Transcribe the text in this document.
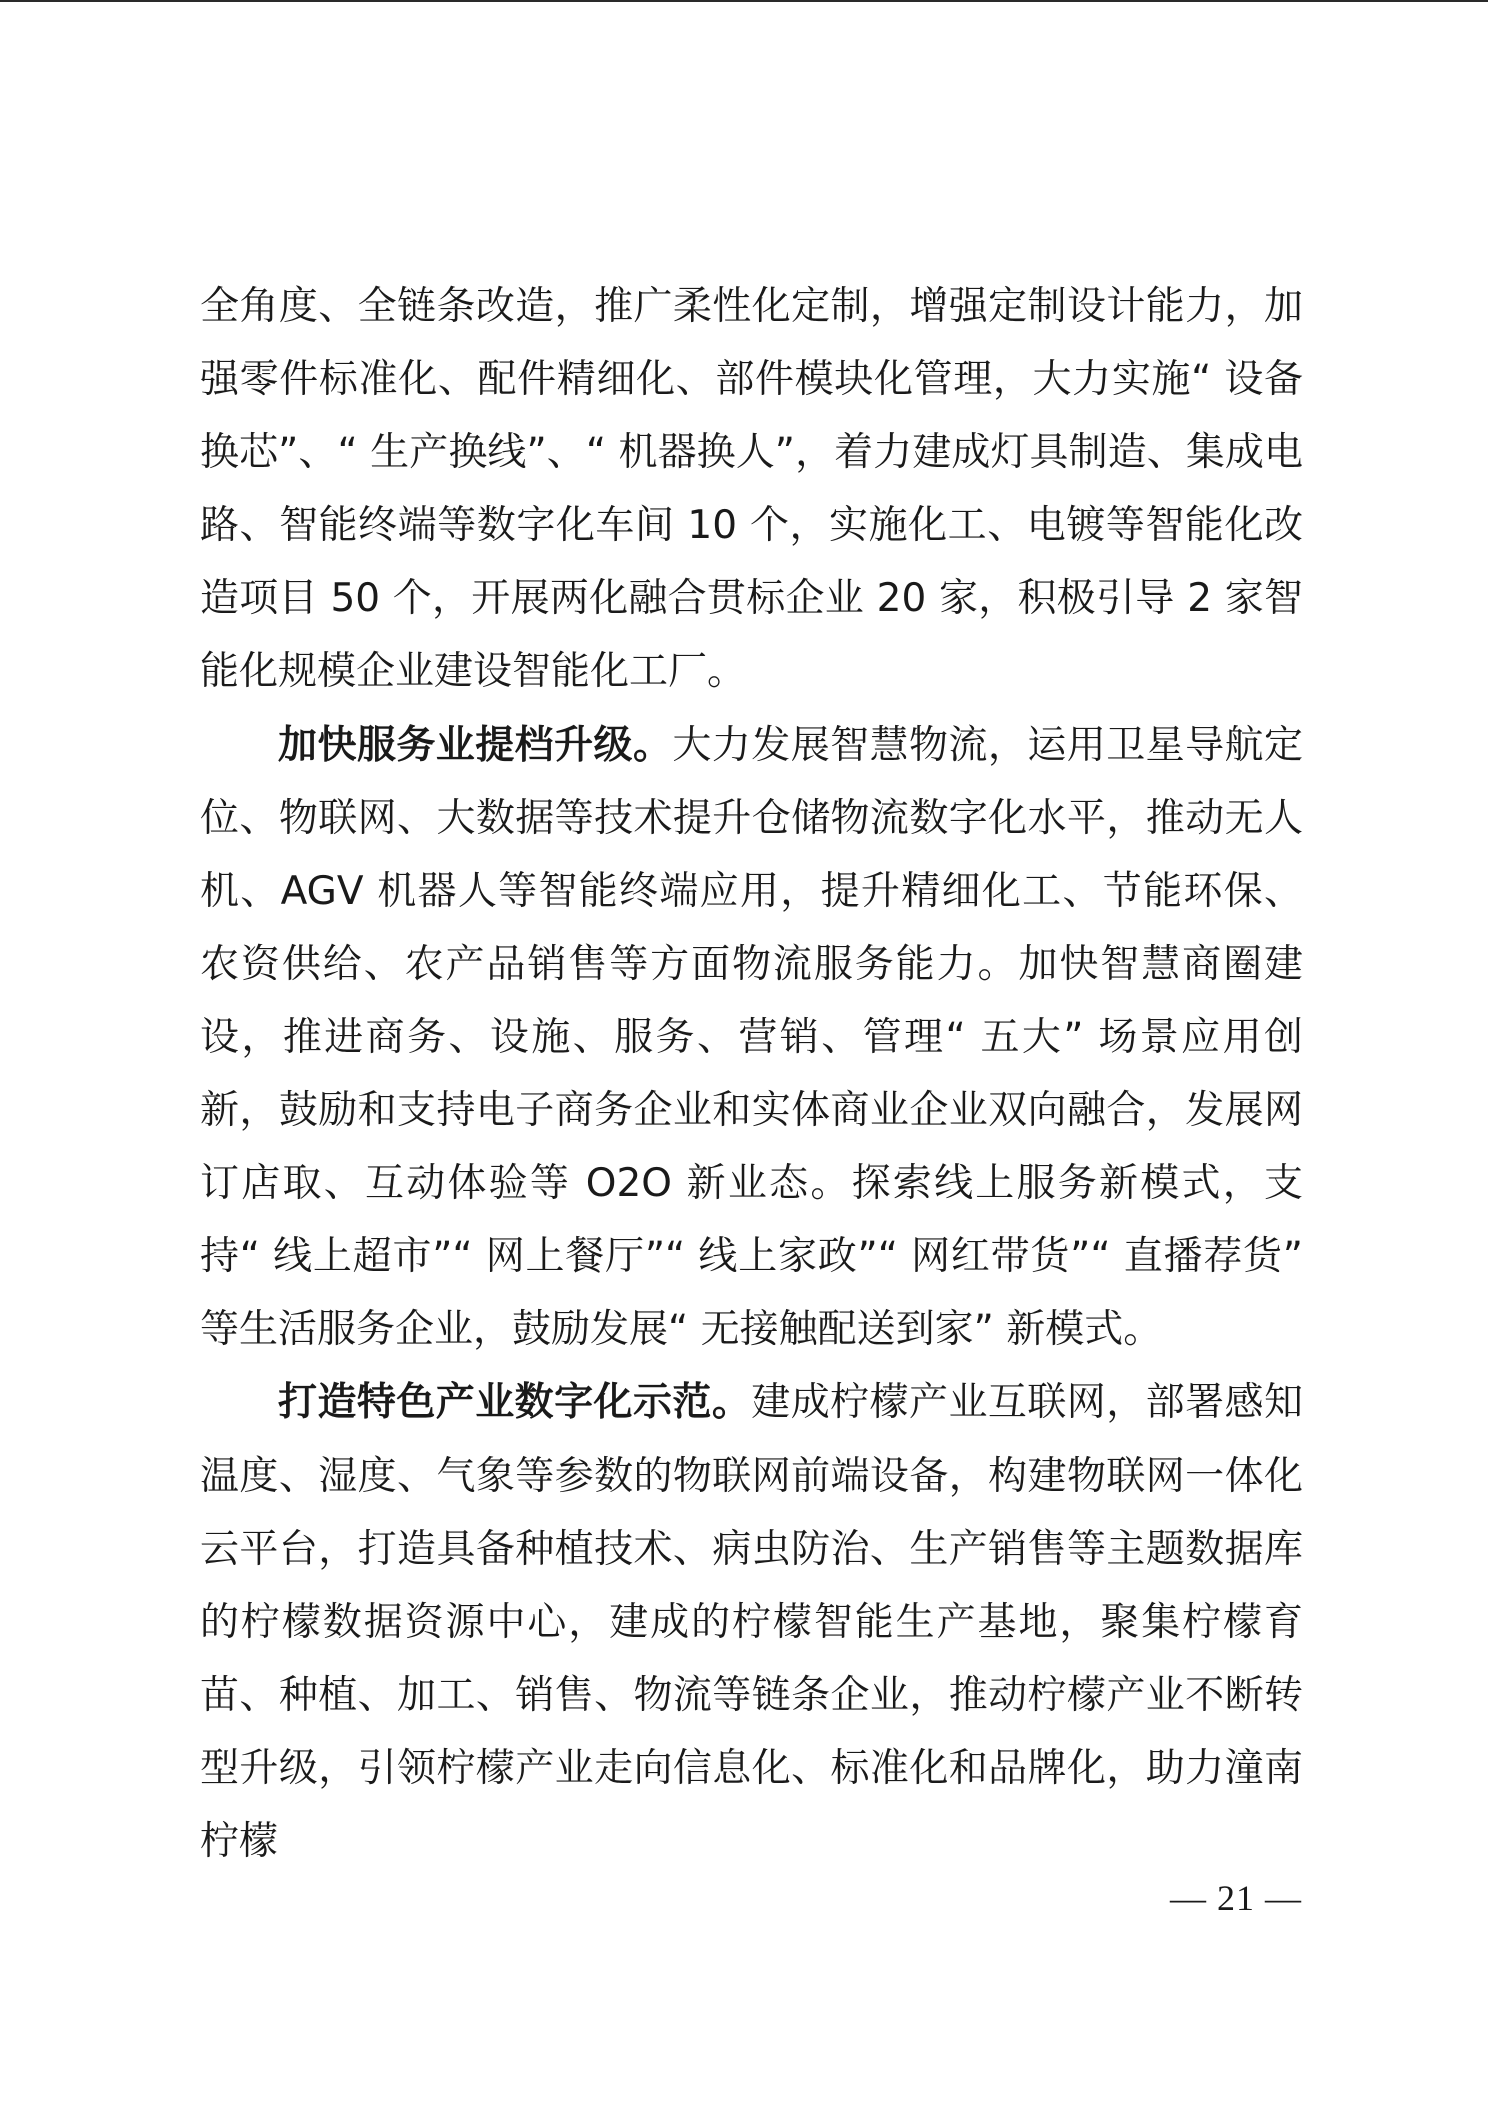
全角度、全链条改造，推广柔性化定制，增强定制设计能力，加强零件标准化、配件精细化、部件模块化管理，大力实施“ 设备换芯”、“ 生产换线”、“ 机器换人”，着力建成灯具制造、集成电路、智能终端等数字化车间 10 个，实施化工、电镀等智能化改造项目 50 个，开展两化融合贯标企业 20 家，积极引导 2 家智能化规模企业建设智能化工厂。

加快服务业提档升级。大力发展智慧物流，运用卫星导航定位、物联网、大数据等技术提升仓储物流数字化水平，推动无人机、AGV 机器人等智能终端应用，提升精细化工、节能环保、农资供给、农产品销售等方面物流服务能力。加快智慧商圈建设，推进商务、设施、服务、营销、管理“ 五大” 场景应用创新，鼓励和支持电子商务企业和实体商业企业双向融合，发展网订店取、互动体验等 O2O 新业态。探索线上服务新模式，支持“ 线上超市”“ 网上餐厅”“ 线上家政”“ 网红带货”“ 直播荐货” 等生活服务企业，鼓励发展“ 无接触配送到家” 新模式。

打造特色产业数字化示范。建成柠檬产业互联网，部署感知温度、湿度、气象等参数的物联网前端设备，构建物联网一体化云平台，打造具备种植技术、病虫防治、生产销售等主题数据库的柠檬数据资源中心，建成的柠檬智能生产基地，聚集柠檬育苗、种植、加工、销售、物流等链条企业，推动柠檬产业不断转型升级，引领柠檬产业走向信息化、标准化和品牌化，助力潼南柠檬

— 21 —
